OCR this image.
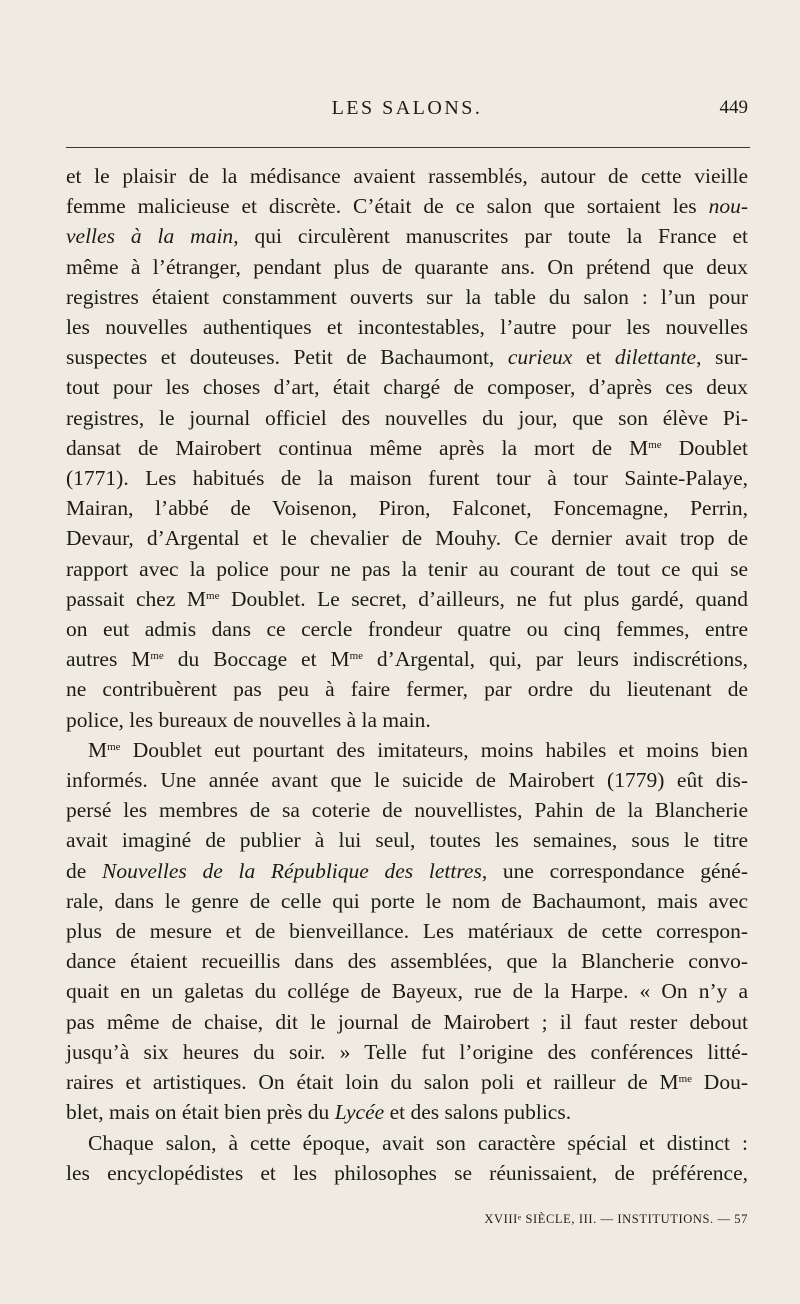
LES SALONS.	449

et le plaisir de la médisance avaient rassemblés, autour de cette vieille
femme malicieuse et discrète. C’était de ce salon que sortaient les nou-
velles à la main, qui circulèrent manuscrites par toute la France et
même à l’étranger, pendant plus de quarante ans. On prétend que deux
registres étaient constamment ouverts sur la table du salon : l’un pour
les nouvelles authentiques et incontestables, l’autre pour les nouvelles
suspectes et douteuses. Petit de Bachaumont, curieux et dilettante, sur-
tout pour les choses d’art, était chargé de composer, d’après ces deux
registres, le journal officiel des nouvelles du jour, que son élève Pi-
dansat de Mairobert continua même après la mort de $M^{me}$ Doublet
(1771). Les habitués de la maison furent tour à tour Sainte-Palaye,
Mairan, l’abbé de Voisenon, Piron, Falconet, Foncemagne, Perrin,
Devaur, d’Argental et le chevalier de Mouhy. Ce dernier avait trop de
rapport avec la police pour ne pas la tenir au courant de tout ce qui se
passait chez $M^{me}$ Doublet. Le secret, d’ailleurs, ne fut plus gardé, quand
on eut admis dans ce cercle frondeur quatre ou cinq femmes, entre
autres $M^{me}$ du Boccage et $M^{me}$ d’Argental, qui, par leurs indiscrétions,
ne contribuèrent pas peu à faire fermer, par ordre du lieutenant de
police, les bureaux de nouvelles à la main.

$M^{me}$ Doublet eut pourtant des imitateurs, moins habiles et moins bien
informés. Une année avant que le suicide de Mairobert (1779) eût dis-
persé les membres de sa coterie de nouvellistes, Pahin de la Blancherie
avait imaginé de publier à lui seul, toutes les semaines, sous le titre
de Nouvelles de la République des lettres, une correspondance géné-
rale, dans le genre de celle qui porte le nom de Bachaumont, mais avec
plus de mesure et de bienveillance. Les matériaux de cette correspon-
dance étaient recueillis dans des assemblées, que la Blancherie convo-
quait en un galetas du collége de Bayeux, rue de la Harpe. « On n’y a
pas même de chaise, dit le journal de Mairobert ; il faut rester debout
jusqu’à six heures du soir. » Telle fut l’origine des conférences litté-
raires et artistiques. On était loin du salon poli et railleur de $M^{me}$ Dou-
blet, mais on était bien près du Lycée et des salons publics.

Chaque salon, à cette époque, avait son caractère spécial et distinct :
les encyclopédistes et les philosophes se réunissaient, de préférence,

XVIIIᵉ SIÈCLE, III. — INSTITUTIONS. — 57
